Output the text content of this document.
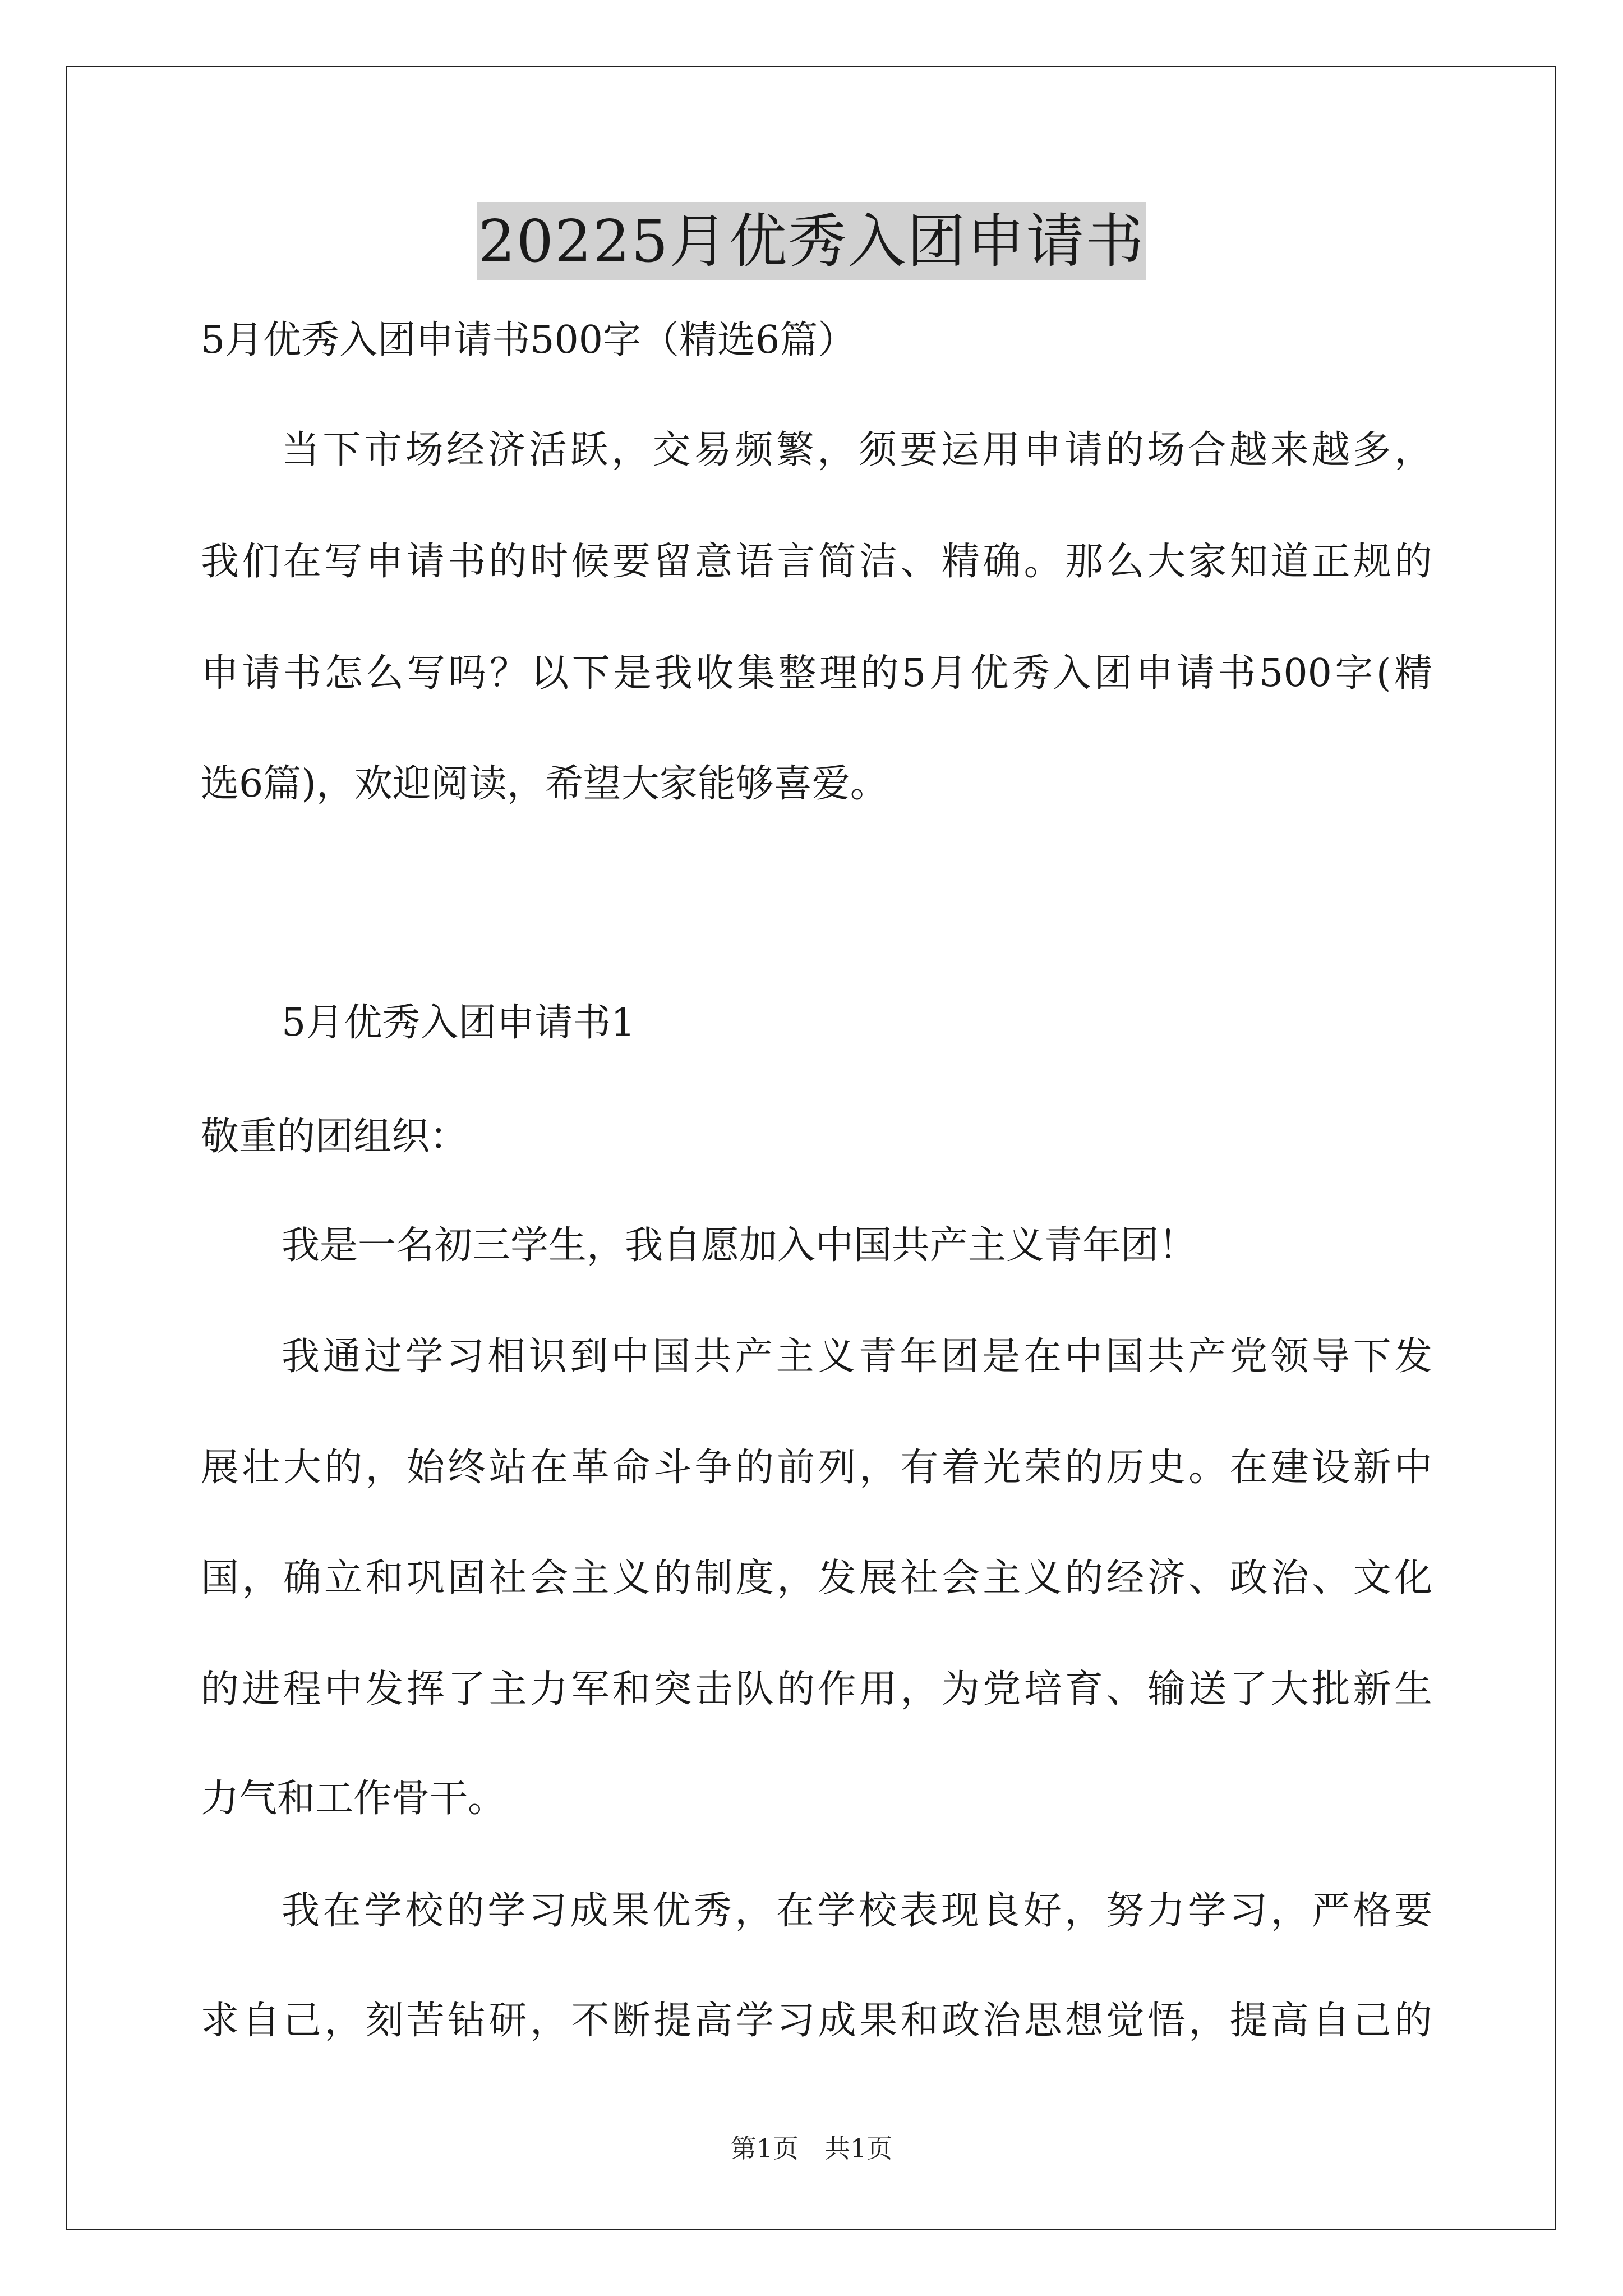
20225月优秀入团申请书
5月优秀入团申请书500字（精选6篇）
当下市场经济活跃，交易频繁，须要运用申请的场合越来越多，
我们在写申请书的时候要留意语言简洁、精确。那么大家知道正规的
申请书怎么写吗？以下是我收集整理的5月优秀入团申请书500字(精
选6篇)，欢迎阅读，希望大家能够喜爱。
5月优秀入团申请书1
敬重的团组织：
我是一名初三学生，我自愿加入中国共产主义青年团！
我通过学习相识到中国共产主义青年团是在中国共产党领导下发
展壮大的，始终站在革命斗争的前列，有着光荣的历史。在建设新中
国，确立和巩固社会主义的制度，发展社会主义的经济、政治、文化
的进程中发挥了主力军和突击队的作用，为党培育、输送了大批新生
力气和工作骨干。
我在学校的学习成果优秀，在学校表现良好，努力学习，严格要
求自己，刻苦钻研，不断提高学习成果和政治思想觉悟，提高自己的
第1页　共1页
